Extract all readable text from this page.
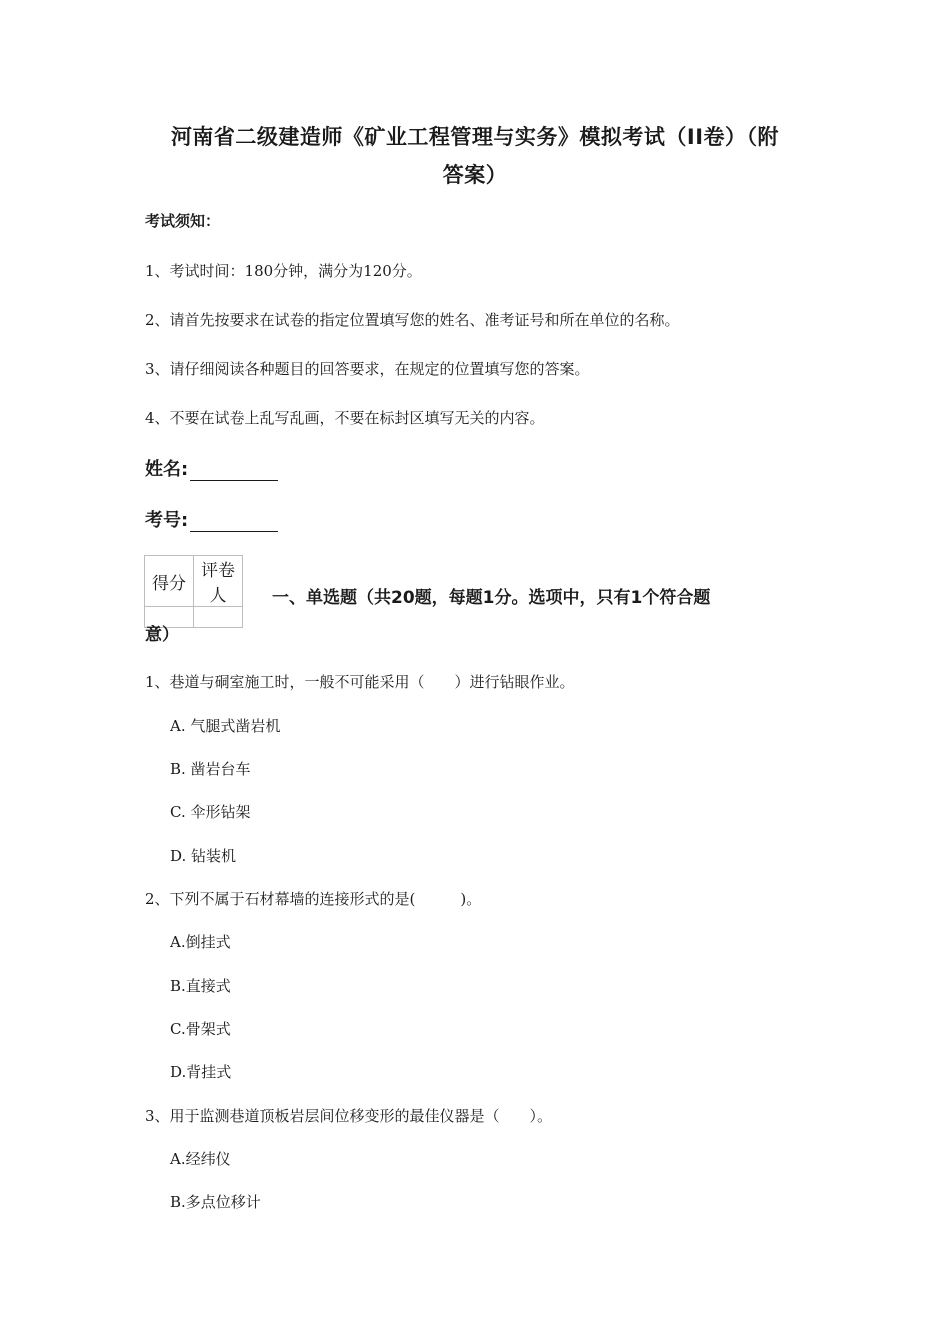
河南省二级建造师《矿业工程管理与实务》模拟考试（II卷）（附
答案）
考试须知：
1、考试时间：180分钟，满分为120分。
2、请首先按要求在试卷的指定位置填写您的姓名、准考证号和所在单位的名称。
3、请仔细阅读各种题目的回答要求，在规定的位置填写您的答案。
4、不要在试卷上乱写乱画，不要在标封区填写无关的内容。
姓名:
考号:
得分	评卷人
		一、单选题（共20题，每题1分。选项中，只有1个符合题
意）
1、巷道与硐室施工时，一般不可能采用（　　）进行钻眼作业。
A. 气腿式凿岩机
B. 凿岩台车
C. 伞形钻架
D. 钻装机
2、下列不属于石材幕墙的连接形式的是(　　　)。
A.倒挂式
B.直接式
C.骨架式
D.背挂式
3、用于监测巷道顶板岩层间位移变形的最佳仪器是（　　）。
A.经纬仪
B.多点位移计
